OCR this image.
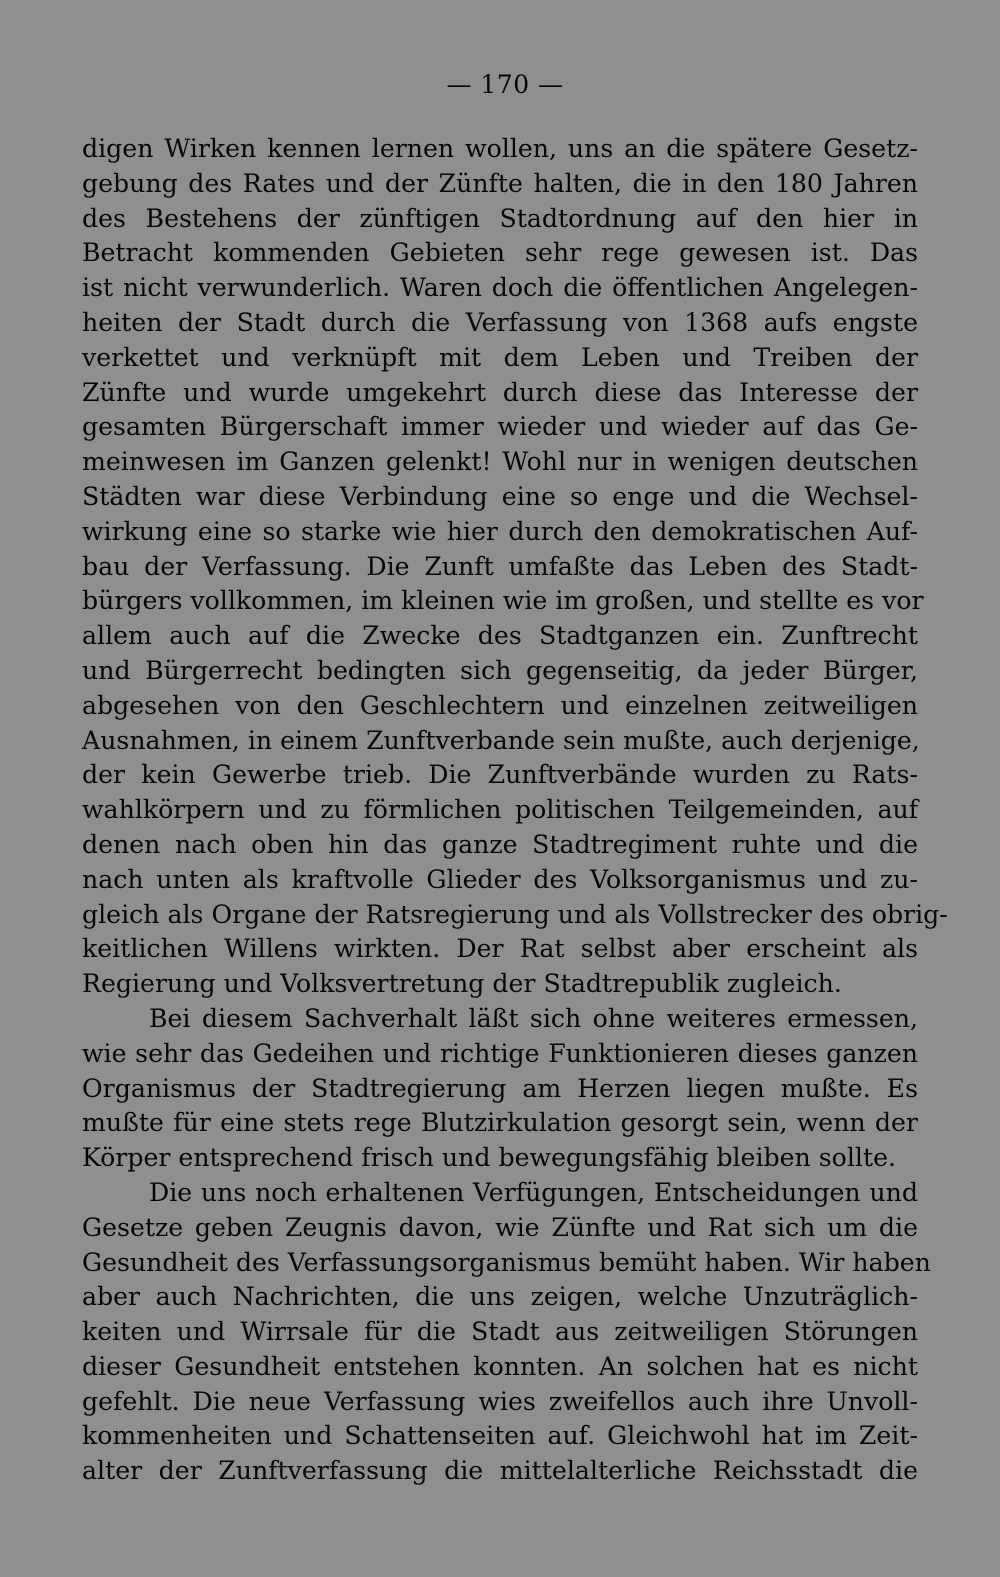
— 170 —
digen Wirken kennen lernen wollen, uns an die spätere Gesetz-
gebung des Rates und der Zünfte halten, die in den 180 Jahren
des Bestehens der zünftigen Stadtordnung auf den hier in
Betracht kommenden Gebieten sehr rege gewesen ist. Das
ist nicht verwunderlich. Waren doch die öffentlichen Angelegen-
heiten der Stadt durch die Verfassung von 1368 aufs engste
verkettet und verknüpft mit dem Leben und Treiben der
Zünfte und wurde umgekehrt durch diese das Interesse der
gesamten Bürgerschaft immer wieder und wieder auf das Ge-
meinwesen im Ganzen gelenkt! Wohl nur in wenigen deutschen
Städten war diese Verbindung eine so enge und die Wechsel-
wirkung eine so starke wie hier durch den demokratischen Auf-
bau der Verfassung. Die Zunft umfaßte das Leben des Stadt-
bürgers vollkommen, im kleinen wie im großen, und stellte es vor
allem auch auf die Zwecke des Stadtganzen ein. Zunftrecht
und Bürgerrecht bedingten sich gegenseitig, da jeder Bürger,
abgesehen von den Geschlechtern und einzelnen zeitweiligen
Ausnahmen, in einem Zunftverbande sein mußte, auch derjenige,
der kein Gewerbe trieb. Die Zunftverbände wurden zu Rats-
wahlkörpern und zu förmlichen politischen Teilgemeinden, auf
denen nach oben hin das ganze Stadtregiment ruhte und die
nach unten als kraftvolle Glieder des Volksorganismus und zu-
gleich als Organe der Ratsregierung und als Vollstrecker des obrig-
keitlichen Willens wirkten. Der Rat selbst aber erscheint als
Regierung und Volksvertretung der Stadtrepublik zugleich.
Bei diesem Sachverhalt läßt sich ohne weiteres ermessen,
wie sehr das Gedeihen und richtige Funktionieren dieses ganzen
Organismus der Stadtregierung am Herzen liegen mußte. Es
mußte für eine stets rege Blutzirkulation gesorgt sein, wenn der
Körper entsprechend frisch und bewegungsfähig bleiben sollte.
Die uns noch erhaltenen Verfügungen, Entscheidungen und
Gesetze geben Zeugnis davon, wie Zünfte und Rat sich um die
Gesundheit des Verfassungsorganismus bemüht haben. Wir haben
aber auch Nachrichten, die uns zeigen, welche Unzuträglich-
keiten und Wirrsale für die Stadt aus zeitweiligen Störungen
dieser Gesundheit entstehen konnten. An solchen hat es nicht
gefehlt. Die neue Verfassung wies zweifellos auch ihre Unvoll-
kommenheiten und Schattenseiten auf. Gleichwohl hat im Zeit-
alter der Zunftverfassung die mittelalterliche Reichsstadt die
